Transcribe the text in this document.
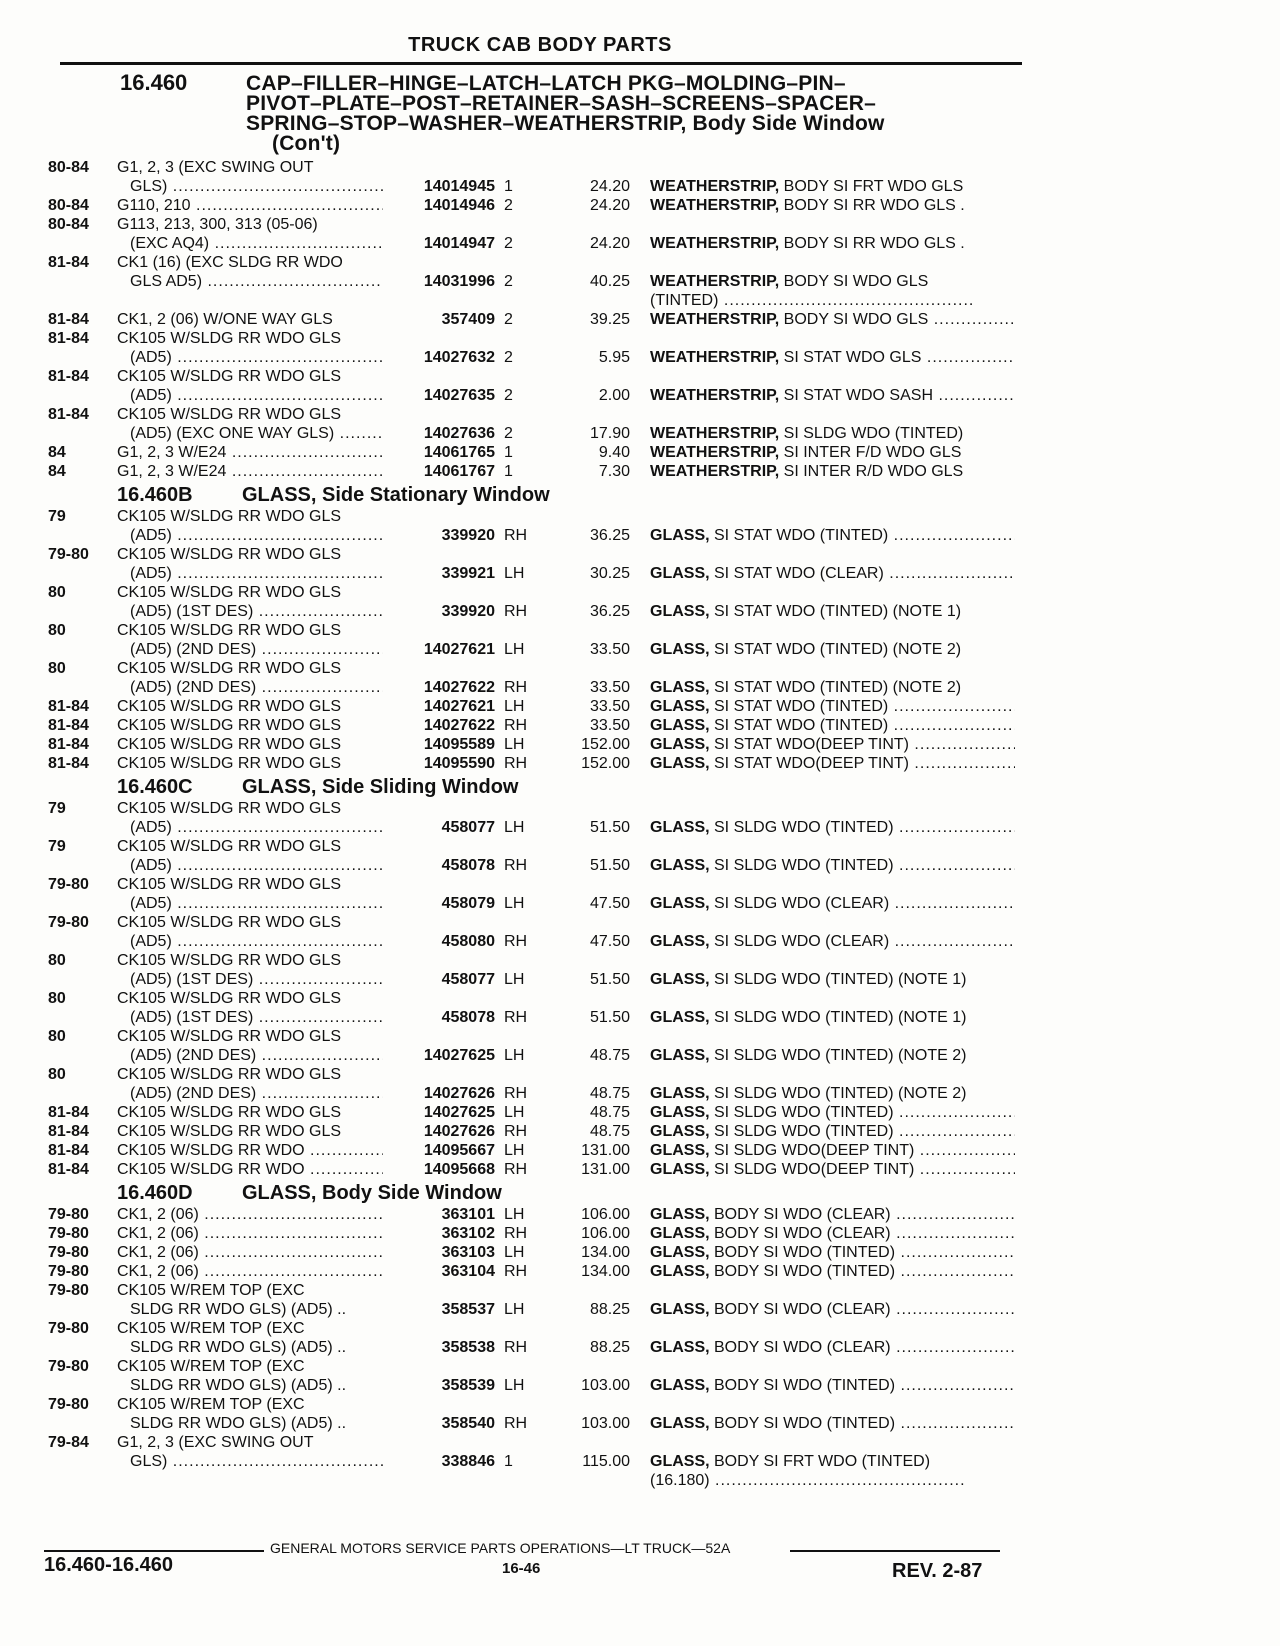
TRUCK CAB BODY PARTS
16.460	CAP–FILLER–HINGE–LATCH–LATCH PKG–MOLDING–PIN–
PIVOT–PLATE–POST–RETAINER–SASH–SCREENS–SPACER–
SPRING–STOP–WASHER–WEATHERSTRIP, Body Side Window
(Con't)
80-84	G1, 2, 3 (EXC SWING OUT
GLS) .....	14014945 1	24.20 WEATHERSTRIP, BODY SI FRT WDO GLS
80-84	G110, 210 .....	14014946 2	24.20 WEATHERSTRIP, BODY SI RR WDO GLS .
80-84	G113, 213, 300, 313 (05-06)
(EXC AQ4) .....	14014947 2	24.20 WEATHERSTRIP, BODY SI RR WDO GLS .
81-84	CK1 (16) (EXC SLDG RR WDO
GLS AD5) .....	14031996 2	40.25 WEATHERSTRIP, BODY SI WDO GLS
(TINTED) .....
81-84	CK1, 2 (06) W/ONE WAY GLS	357409 2	39.25 WEATHERSTRIP, BODY SI WDO GLS .....
81-84	CK105 W/SLDG RR WDO GLS
(AD5) .....	14027632 2	5.95 WEATHERSTRIP, SI STAT WDO GLS .....
81-84	CK105 W/SLDG RR WDO GLS
(AD5) .....	14027635 2	2.00 WEATHERSTRIP, SI STAT WDO SASH .....
81-84	CK105 W/SLDG RR WDO GLS
(AD5) (EXC ONE WAY GLS) .....	14027636 2	17.90 WEATHERSTRIP, SI SLDG WDO (TINTED)
84	G1, 2, 3 W/E24 .....	14061765 1	9.40 WEATHERSTRIP, SI INTER F/D WDO GLS
84	G1, 2, 3 W/E24 .....	14061767 1	7.30 WEATHERSTRIP, SI INTER R/D WDO GLS
16.460B GLASS, Side Stationary Window
79	CK105 W/SLDG RR WDO GLS
(AD5) .....	339920 RH	36.25 GLASS, SI STAT WDO (TINTED) .....
79-80	CK105 W/SLDG RR WDO GLS
(AD5) .....	339921 LH	30.25 GLASS, SI STAT WDO (CLEAR) .....
80	CK105 W/SLDG RR WDO GLS
(AD5) (1ST DES) .....	339920 RH	36.25 GLASS, SI STAT WDO (TINTED) (NOTE 1)
80	CK105 W/SLDG RR WDO GLS
(AD5) (2ND DES) .....	14027621 LH	33.50 GLASS, SI STAT WDO (TINTED) (NOTE 2)
80	CK105 W/SLDG RR WDO GLS
(AD5) (2ND DES) .....	14027622 RH	33.50 GLASS, SI STAT WDO (TINTED) (NOTE 2)
81-84	CK105 W/SLDG RR WDO GLS	14027621 LH	33.50 GLASS, SI STAT WDO (TINTED) .....
81-84	CK105 W/SLDG RR WDO GLS	14027622 RH	33.50 GLASS, SI STAT WDO (TINTED) .....
81-84	CK105 W/SLDG RR WDO GLS	14095589 LH	152.00 GLASS, SI STAT WDO(DEEP TINT) .....
81-84	CK105 W/SLDG RR WDO GLS	14095590 RH	152.00 GLASS, SI STAT WDO(DEEP TINT) .....
16.460C GLASS, Side Sliding Window
79	CK105 W/SLDG RR WDO GLS
(AD5) .....	458077 LH	51.50 GLASS, SI SLDG WDO (TINTED) .....
79	CK105 W/SLDG RR WDO GLS
(AD5) .....	458078 RH	51.50 GLASS, SI SLDG WDO (TINTED) .....
79-80	CK105 W/SLDG RR WDO GLS
(AD5) .....	458079 LH	47.50 GLASS, SI SLDG WDO (CLEAR) .....
79-80	CK105 W/SLDG RR WDO GLS
(AD5) .....	458080 RH	47.50 GLASS, SI SLDG WDO (CLEAR) .....
80	CK105 W/SLDG RR WDO GLS
(AD5) (1ST DES) .....	458077 LH	51.50 GLASS, SI SLDG WDO (TINTED) (NOTE 1)
80	CK105 W/SLDG RR WDO GLS
(AD5) (1ST DES) .....	458078 RH	51.50 GLASS, SI SLDG WDO (TINTED) (NOTE 1)
80	CK105 W/SLDG RR WDO GLS
(AD5) (2ND DES) .....	14027625 LH	48.75 GLASS, SI SLDG WDO (TINTED) (NOTE 2)
80	CK105 W/SLDG RR WDO GLS
(AD5) (2ND DES) .....	14027626 RH	48.75 GLASS, SI SLDG WDO (TINTED) (NOTE 2)
81-84	CK105 W/SLDG RR WDO GLS	14027625 LH	48.75 GLASS, SI SLDG WDO (TINTED) .....
81-84	CK105 W/SLDG RR WDO GLS	14027626 RH	48.75 GLASS, SI SLDG WDO (TINTED) .....
81-84	CK105 W/SLDG RR WDO .....	14095667 LH	131.00 GLASS, SI SLDG WDO(DEEP TINT) .....
81-84	CK105 W/SLDG RR WDO .....	14095668 RH	131.00 GLASS, SI SLDG WDO(DEEP TINT) .....
16.460D GLASS, Body Side Window
79-80	CK1, 2 (06) .....	363101 LH	106.00 GLASS, BODY SI WDO (CLEAR) .....
79-80	CK1, 2 (06) .....	363102 RH	106.00 GLASS, BODY SI WDO (CLEAR) .....
79-80	CK1, 2 (06) .....	363103 LH	134.00 GLASS, BODY SI WDO (TINTED) .....
79-80	CK1, 2 (06) .....	363104 RH	134.00 GLASS, BODY SI WDO (TINTED) .....
79-80	CK105 W/REM TOP (EXC
SLDG RR WDO GLS) (AD5) ..	358537 LH	88.25 GLASS, BODY SI WDO (CLEAR) .....
79-80	CK105 W/REM TOP (EXC
SLDG RR WDO GLS) (AD5) ..	358538 RH	88.25 GLASS, BODY SI WDO (CLEAR) .....
79-80	CK105 W/REM TOP (EXC
SLDG RR WDO GLS) (AD5) ..	358539 LH	103.00 GLASS, BODY SI WDO (TINTED) .....
79-80	CK105 W/REM TOP (EXC
SLDG RR WDO GLS) (AD5) ..	358540 RH	103.00 GLASS, BODY SI WDO (TINTED) .....
79-84	G1, 2, 3 (EXC SWING OUT
GLS) .....	338846 1	115.00 GLASS, BODY SI FRT WDO (TINTED)
(16.180) .....
16.460-16.460
GENERAL MOTORS SERVICE PARTS OPERATIONS—LT TRUCK—52A
16-46	REV. 2-87
